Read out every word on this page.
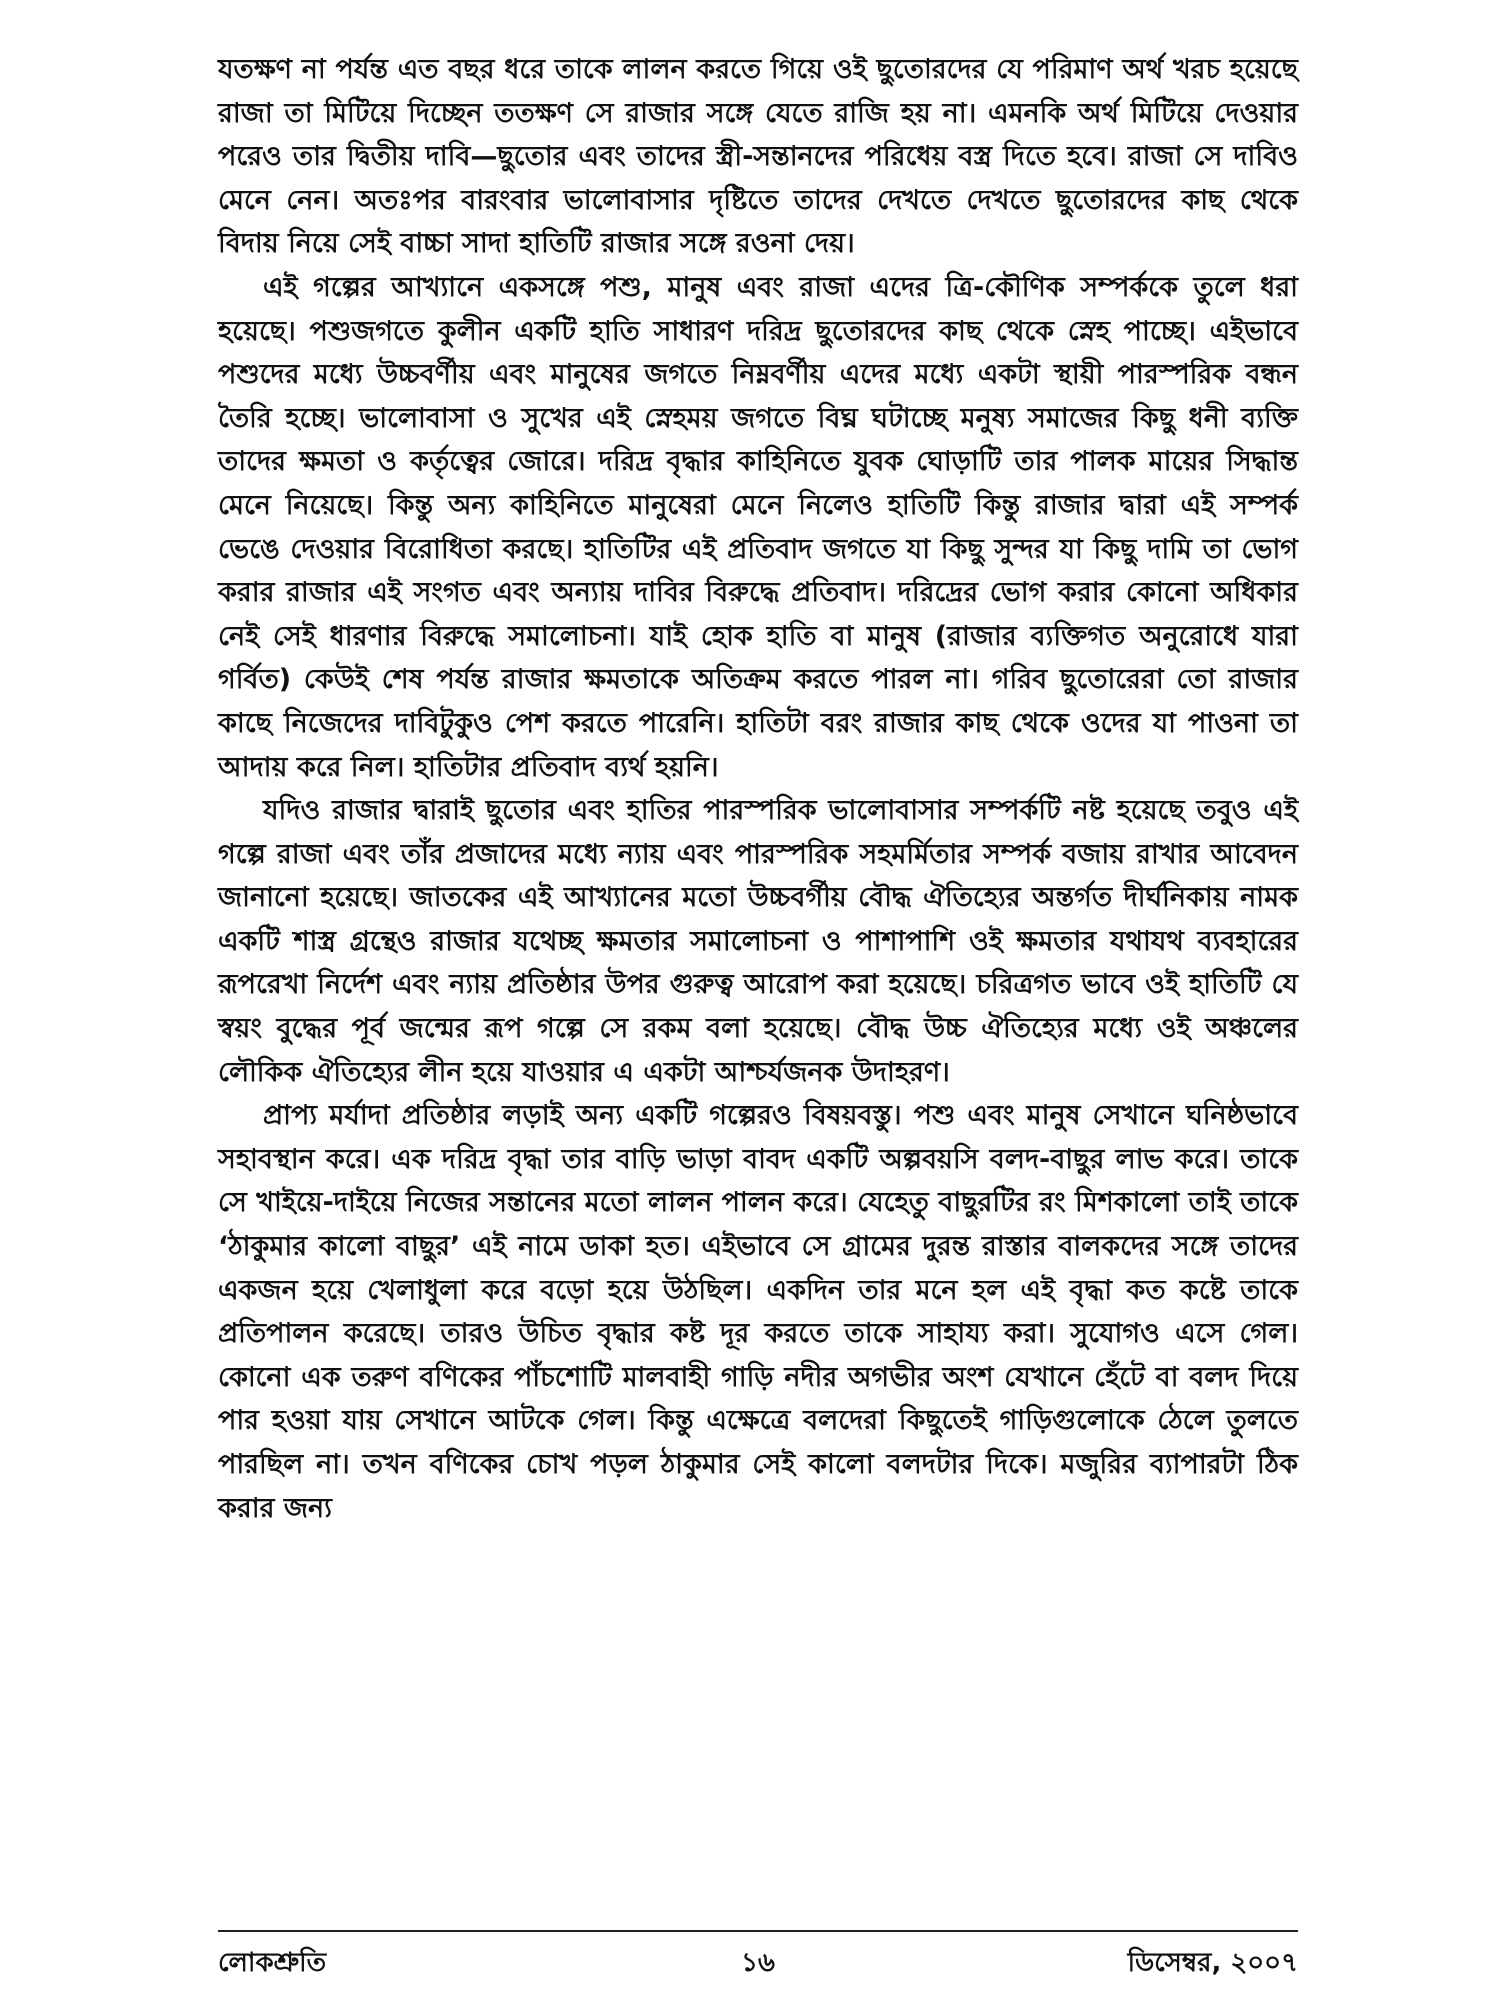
যতক্ষণ না পর্যন্ত এত বছর ধরে তাকে লালন করতে গিয়ে ওই ছুতোরদের যে পরিমাণ অর্থ খরচ হয়েছে রাজা তা মিটিয়ে দিচ্ছেন ততক্ষণ সে রাজার সঙ্গে যেতে রাজি হয় না। এমনকি অর্থ মিটিয়ে দেওয়ার পরেও তার দ্বিতীয় দাবি—ছুতোর এবং তাদের স্ত্রী-সন্তানদের পরিধেয় বস্ত্র দিতে হবে। রাজা সে দাবিও মেনে নেন। অতঃপর বারংবার ভালোবাসার দৃষ্টিতে তাদের দেখতে দেখতে ছুতোরদের কাছ থেকে বিদায় নিয়ে সেই বাচ্চা সাদা হাতিটি রাজার সঙ্গে রওনা দেয়।

এই গল্পের আখ্যানে একসঙ্গে পশু, মানুষ এবং রাজা এদের ত্রি-কৌণিক সম্পর্ককে তুলে ধরা হয়েছে। পশুজগতে কুলীন একটি হাতি সাধারণ দরিদ্র ছুতোরদের কাছ থেকে স্নেহ পাচ্ছে। এইভাবে পশুদের মধ্যে উচ্চবর্ণীয় এবং মানুষের জগতে নিম্নবর্ণীয় এদের মধ্যে একটা স্থায়ী পারস্পরিক বন্ধন তৈরি হচ্ছে। ভালোবাসা ও সুখের এই স্নেহময় জগতে বিঘ্ন ঘটাচ্ছে মনুষ্য সমাজের কিছু ধনী ব্যক্তি তাদের ক্ষমতা ও কর্তৃত্বের জোরে। দরিদ্র বৃদ্ধার কাহিনিতে যুবক ঘোড়াটি তার পালক মায়ের সিদ্ধান্ত মেনে নিয়েছে। কিন্তু অন্য কাহিনিতে মানুষেরা মেনে নিলেও হাতিটি কিন্তু রাজার দ্বারা এই সম্পর্ক ভেঙে দেওয়ার বিরোধিতা করছে। হাতিটির এই প্রতিবাদ জগতে যা কিছু সুন্দর যা কিছু দামি তা ভোগ করার রাজার এই সংগত এবং অন্যায় দাবির বিরুদ্ধে প্রতিবাদ। দরিদ্রের ভোগ করার কোনো অধিকার নেই সেই ধারণার বিরুদ্ধে সমালোচনা। যাই হোক হাতি বা মানুষ (রাজার ব্যক্তিগত অনুরোধে যারা গর্বিত) কেউই শেষ পর্যন্ত রাজার ক্ষমতাকে অতিক্রম করতে পারল না। গরিব ছুতোরেরা তো রাজার কাছে নিজেদের দাবিটুকুও পেশ করতে পারেনি। হাতিটা বরং রাজার কাছ থেকে ওদের যা পাওনা তা আদায় করে নিল। হাতিটার প্রতিবাদ ব্যর্থ হয়নি।

যদিও রাজার দ্বারাই ছুতোর এবং হাতির পারস্পরিক ভালোবাসার সম্পর্কটি নষ্ট হয়েছে তবুও এই গল্পে রাজা এবং তাঁর প্রজাদের মধ্যে ন্যায় এবং পারস্পরিক সহমর্মিতার সম্পর্ক বজায় রাখার আবেদন জানানো হয়েছে। জাতকের এই আখ্যানের মতো উচ্চবর্গীয় বৌদ্ধ ঐতিহ্যের অন্তর্গত দীর্ঘনিকায় নামক একটি শাস্ত্র গ্রন্থেও রাজার যথেচ্ছ ক্ষমতার সমালোচনা ও পাশাপাশি ওই ক্ষমতার যথাযথ ব্যবহারের রূপরেখা নির্দেশ এবং ন্যায় প্রতিষ্ঠার উপর গুরুত্ব আরোপ করা হয়েছে। চরিত্রগত ভাবে ওই হাতিটি যে স্বয়ং বুদ্ধের পূর্ব জন্মের রূপ গল্পে সে রকম বলা হয়েছে। বৌদ্ধ উচ্চ ঐতিহ্যের মধ্যে ওই অঞ্চলের লৌকিক ঐতিহ্যের লীন হয়ে যাওয়ার এ একটা আশ্চর্যজনক উদাহরণ।

প্রাপ্য মর্যাদা প্রতিষ্ঠার লড়াই অন্য একটি গল্পেরও বিষয়বস্তু। পশু এবং মানুষ সেখানে ঘনিষ্ঠভাবে সহাবস্থান করে। এক দরিদ্র বৃদ্ধা তার বাড়ি ভাড়া বাবদ একটি অল্পবয়সি বলদ-বাছুর লাভ করে। তাকে সে খাইয়ে-দাইয়ে নিজের সন্তানের মতো লালন পালন করে। যেহেতু বাছুরটির রং মিশকালো তাই তাকে ‘ঠাকুমার কালো বাছুর’ এই নামে ডাকা হত। এইভাবে সে গ্রামের দুরন্ত রাস্তার বালকদের সঙ্গে তাদের একজন হয়ে খেলাধুলা করে বড়ো হয়ে উঠছিল। একদিন তার মনে হল এই বৃদ্ধা কত কষ্টে তাকে প্রতিপালন করেছে। তারও উচিত বৃদ্ধার কষ্ট দূর করতে তাকে সাহায্য করা। সুযোগও এসে গেল। কোনো এক তরুণ বণিকের পাঁচশোটি মালবাহী গাড়ি নদীর অগভীর অংশ যেখানে হেঁটে বা বলদ দিয়ে পার হওয়া যায় সেখানে আটকে গেল। কিন্তু এক্ষেত্রে বলদেরা কিছুতেই গাড়িগুলোকে ঠেলে তুলতে পারছিল না। তখন বণিকের চোখ পড়ল ঠাকুমার সেই কালো বলদটার দিকে। মজুরির ব্যাপারটা ঠিক করার জন্য

লোকশ্রুতি	১৬	ডিসেম্বর, ২০০৭
